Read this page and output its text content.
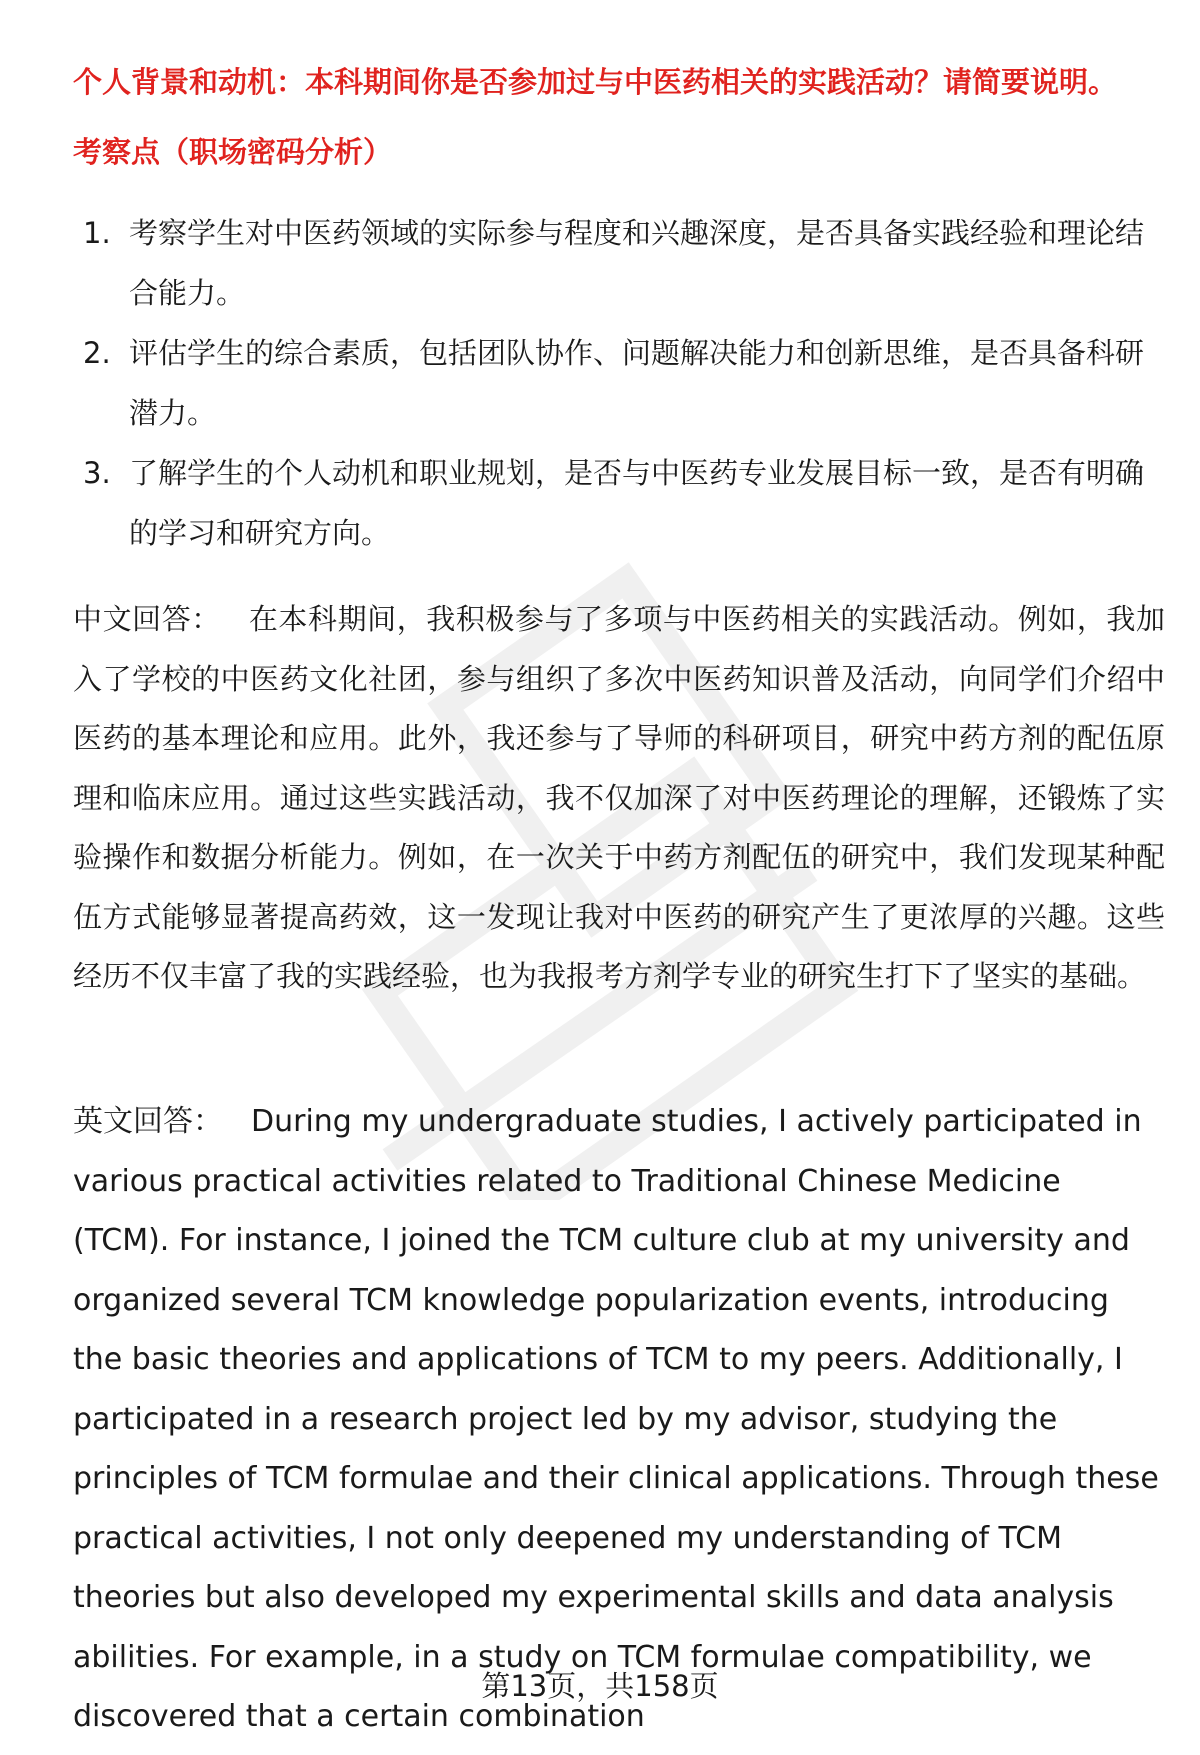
个人背景和动机：本科期间你是否参加过与中医药相关的实践活动？请简要说明。
考察点（职场密码分析）
1. 考察学生对中医药领域的实际参与程度和兴趣深度，是否具备实践经验和理论结合能力。
2. 评估学生的综合素质，包括团队协作、问题解决能力和创新思维，是否具备科研潜力。
3. 了解学生的个人动机和职业规划，是否与中医药专业发展目标一致，是否有明确的学习和研究方向。

中文回答： 在本科期间，我积极参与了多项与中医药相关的实践活动。例如，我加入了学校的中医药文化社团，参与组织了多次中医药知识普及活动，向同学们介绍中医药的基本理论和应用。此外，我还参与了导师的科研项目，研究中药方剂的配伍原理和临床应用。通过这些实践活动，我不仅加深了对中医药理论的理解，还锻炼了实验操作和数据分析能力。例如，在一次关于中药方剂配伍的研究中，我们发现某种配伍方式能够显著提高药效，这一发现让我对中医药的研究产生了更浓厚的兴趣。这些经历不仅丰富了我的实践经验，也为我报考方剂学专业的研究生打下了坚实的基础。

英文回答： During my undergraduate studies, I actively participated in various practical activities related to Traditional Chinese Medicine (TCM). For instance, I joined the TCM culture club at my university and organized several TCM knowledge popularization events, introducing the basic theories and applications of TCM to my peers. Additionally, I participated in a research project led by my advisor, studying the principles of TCM formulae and their clinical applications. Through these practical activities, I not only deepened my understanding of TCM theories but also developed my experimental skills and data analysis abilities. For example, in a study on TCM formulae compatibility, we discovered that a certain combination

第13页，共158页
